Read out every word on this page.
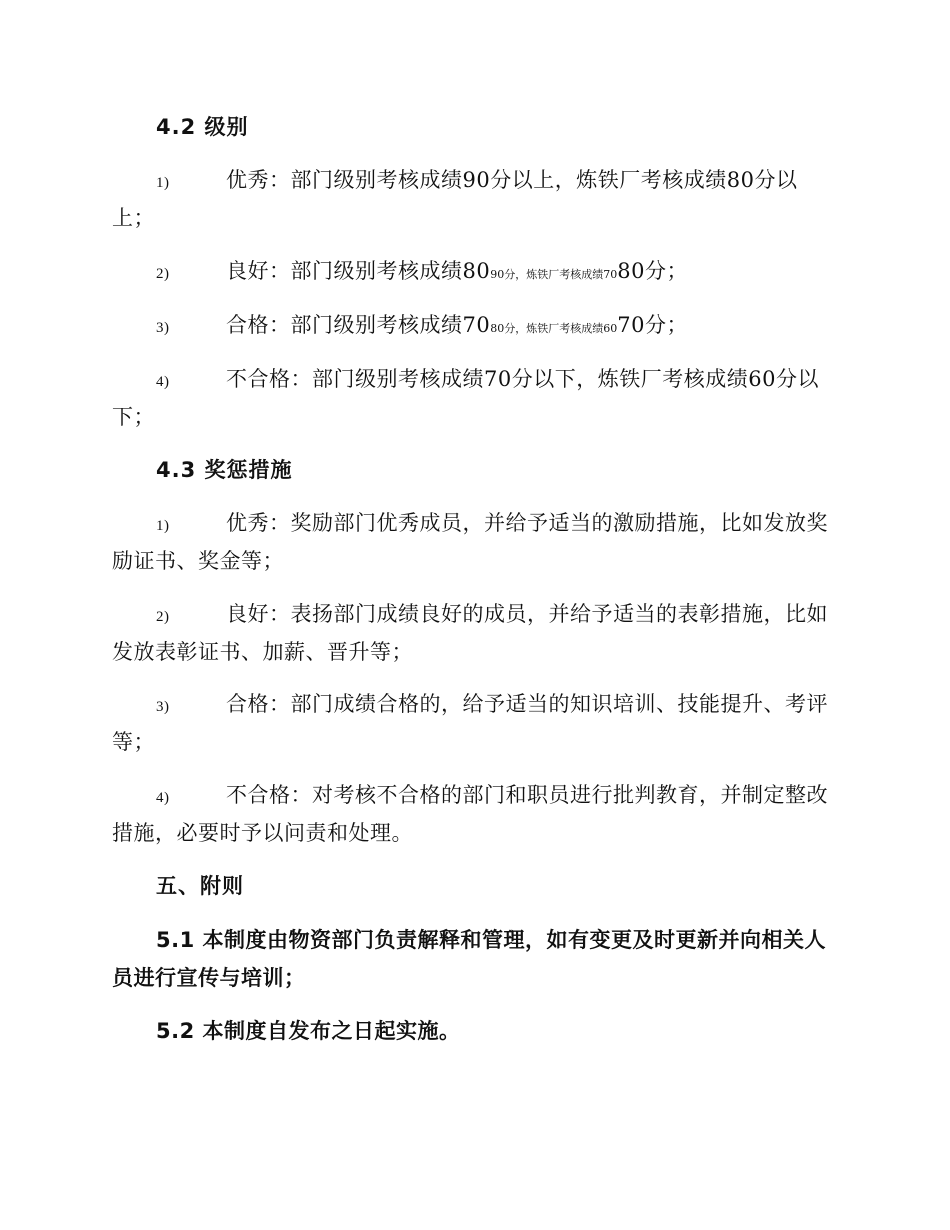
4.2 级别
1)	优秀：部门级别考核成绩90分以上，炼铁厂考核成绩80分以
上；
2)	良好：部门级别考核成绩8090分，炼铁厂考核成绩7080分；
3)	合格：部门级别考核成绩7080分，炼铁厂考核成绩6070分；
4)	不合格：部门级别考核成绩70分以下，炼铁厂考核成绩60分以
下；
4.3 奖惩措施
1)	优秀：奖励部门优秀成员，并给予适当的激励措施，比如发放奖
励证书、奖金等；
2)	良好：表扬部门成绩良好的成员，并给予适当的表彰措施，比如
发放表彰证书、加薪、晋升等；
3)	合格：部门成绩合格的，给予适当的知识培训、技能提升、考评
等；
4)	不合格：对考核不合格的部门和职员进行批判教育，并制定整改
措施，必要时予以问责和处理。
五、附则
5.1 本制度由物资部门负责解释和管理，如有变更及时更新并向相关人
员进行宣传与培训；
5.2 本制度自发布之日起实施。
